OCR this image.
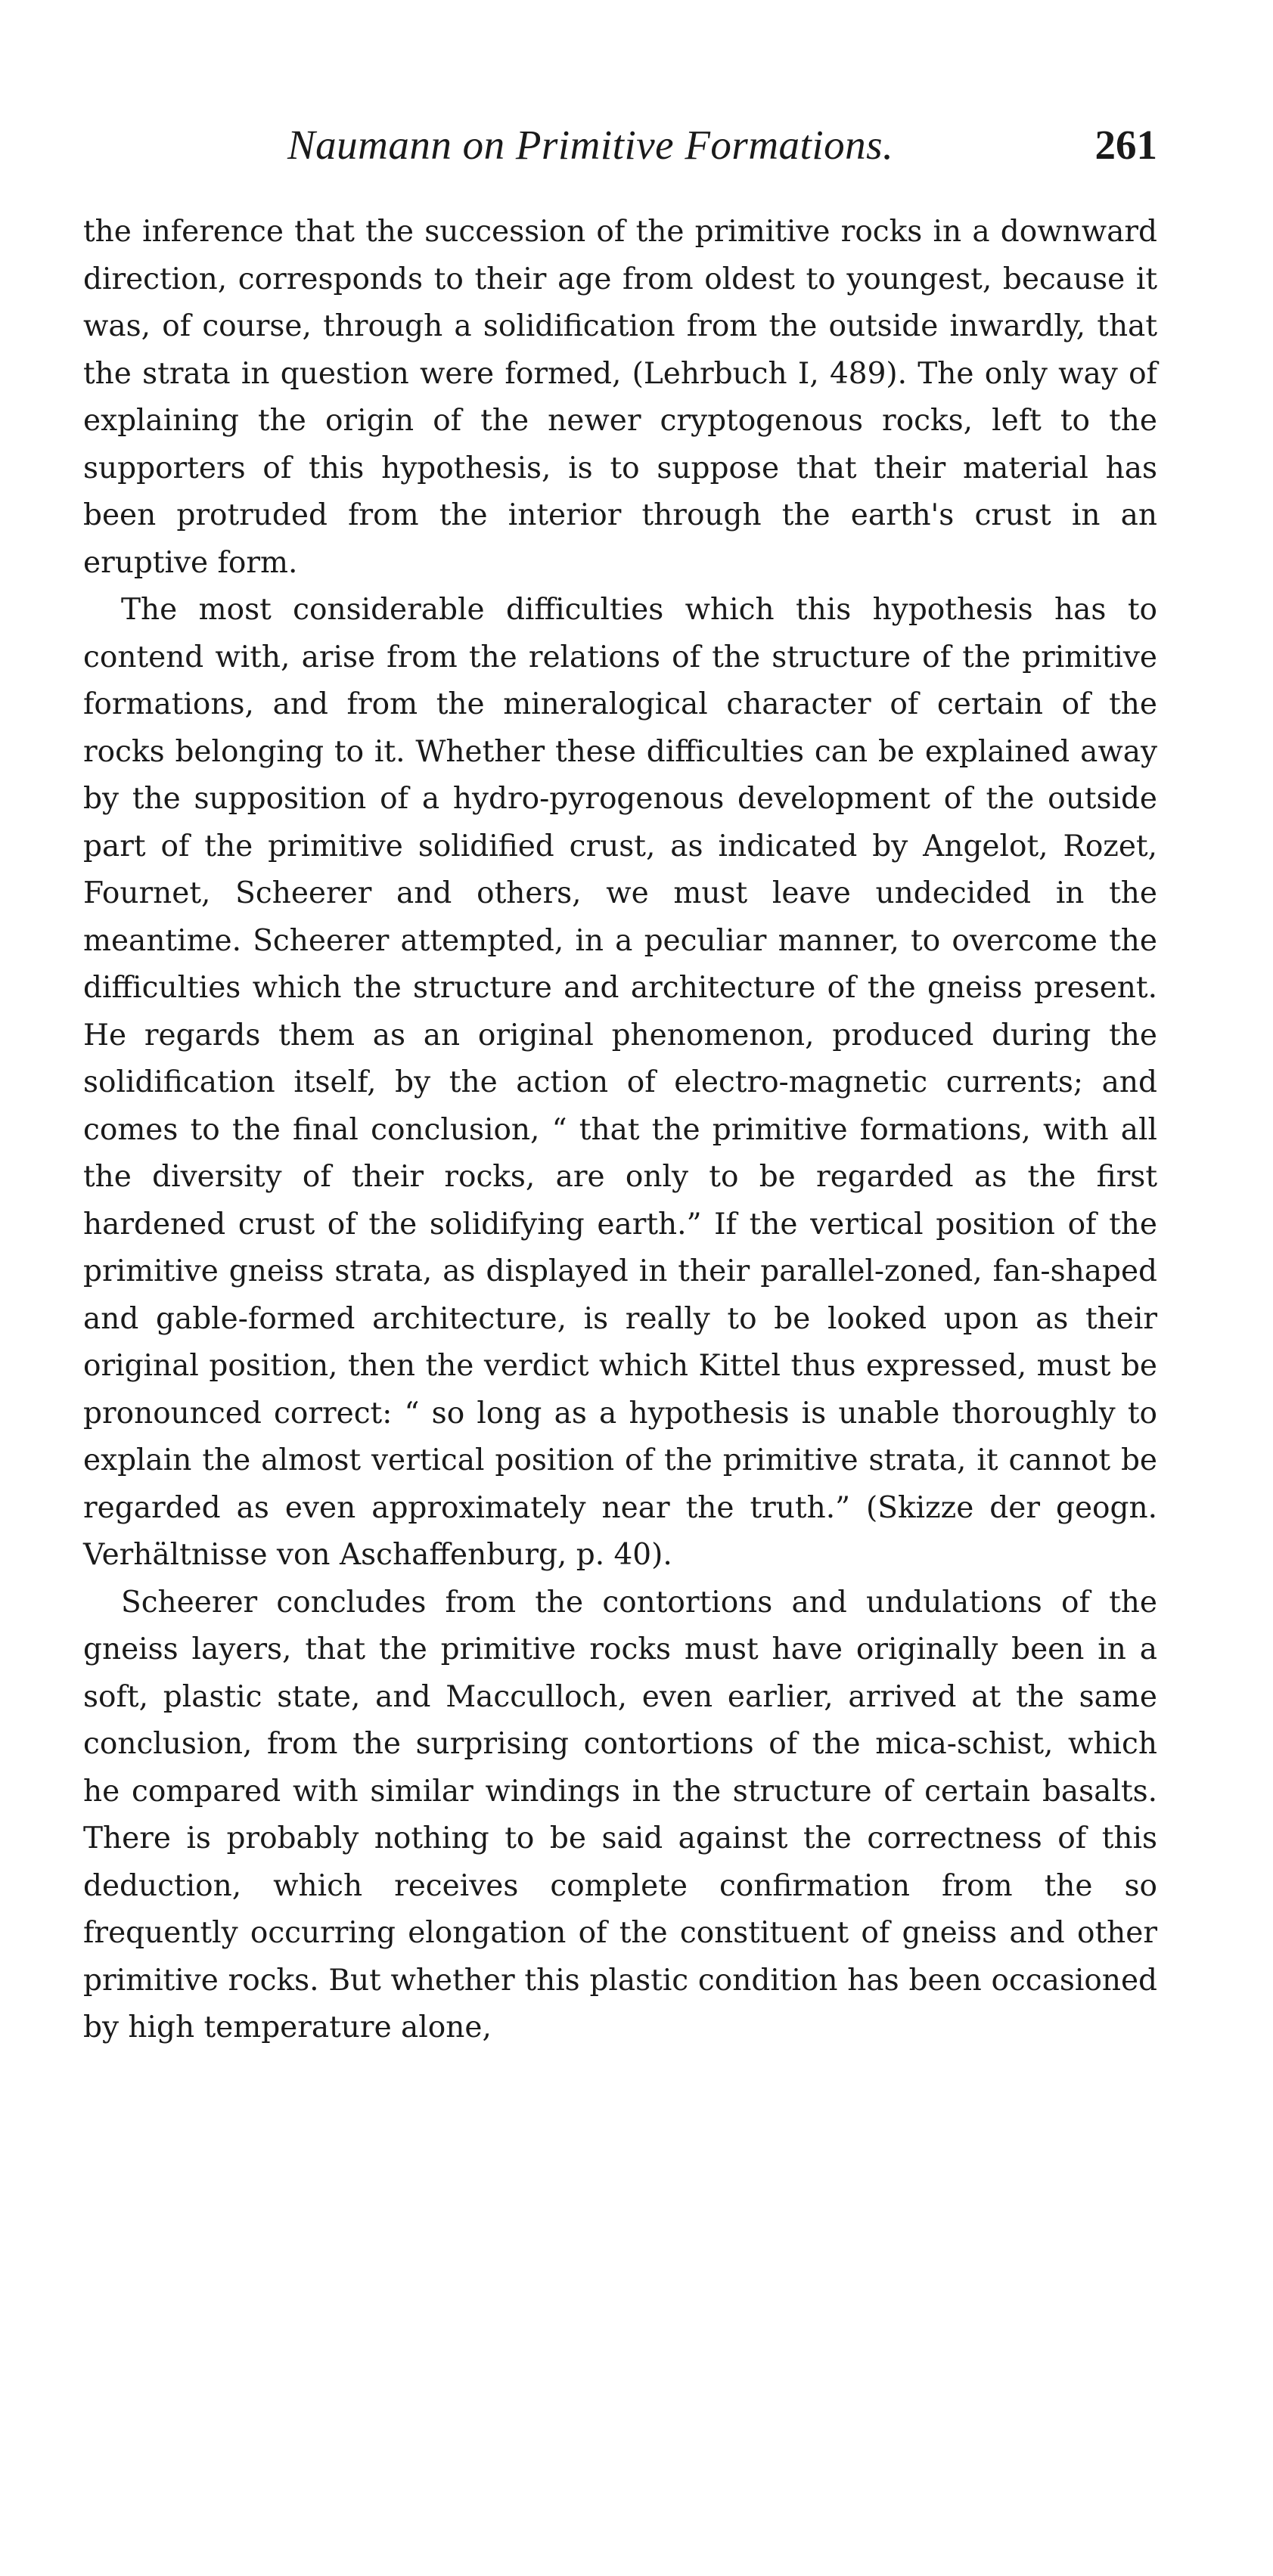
Naumann on Primitive Formations.	261

the inference that the succession of the primitive rocks in a downward direction, corresponds to their age from oldest to youngest, because it was, of course, through a solidification from the outside inwardly, that the strata in question were formed, (Lehrbuch I, 489). The only way of explaining the origin of the newer cryptogenous rocks, left to the supporters of this hypothesis, is to suppose that their material has been protruded from the interior through the earth's crust in an eruptive form.

The most considerable difficulties which this hypothesis has to contend with, arise from the relations of the structure of the primitive formations, and from the mineralogical character of certain of the rocks belonging to it. Whether these difficulties can be explained away by the supposition of a hydro-pyrogenous development of the outside part of the primitive solidified crust, as indicated by Angelot, Rozet, Fournet, Scheerer and others, we must leave undecided in the meantime. Scheerer attempted, in a peculiar manner, to overcome the difficulties which the structure and architecture of the gneiss present. He regards them as an original phenomenon, produced during the solidification itself, by the action of electro-magnetic currents; and comes to the final conclusion, “ that the primitive formations, with all the diversity of their rocks, are only to be regarded as the first hardened crust of the solidifying earth.” If the vertical position of the primitive gneiss strata, as displayed in their parallel-zoned, fan-shaped and gable-formed architecture, is really to be looked upon as their original position, then the verdict which Kittel thus expressed, must be pronounced correct: “ so long as a hypothesis is unable thoroughly to explain the almost vertical position of the primitive strata, it cannot be regarded as even approximately near the truth.” (Skizze der geogn. Verhältnisse von Aschaffenburg, p. 40).

Scheerer concludes from the contortions and undulations of the gneiss layers, that the primitive rocks must have originally been in a soft, plastic state, and Macculloch, even earlier, arrived at the same conclusion, from the surprising contortions of the mica-schist, which he compared with similar windings in the structure of certain basalts. There is probably nothing to be said against the correctness of this deduction, which receives complete confirmation from the so frequently occurring elongation of the constituent of gneiss and other primitive rocks. But whether this plastic condition has been occasioned by high temperature alone,
